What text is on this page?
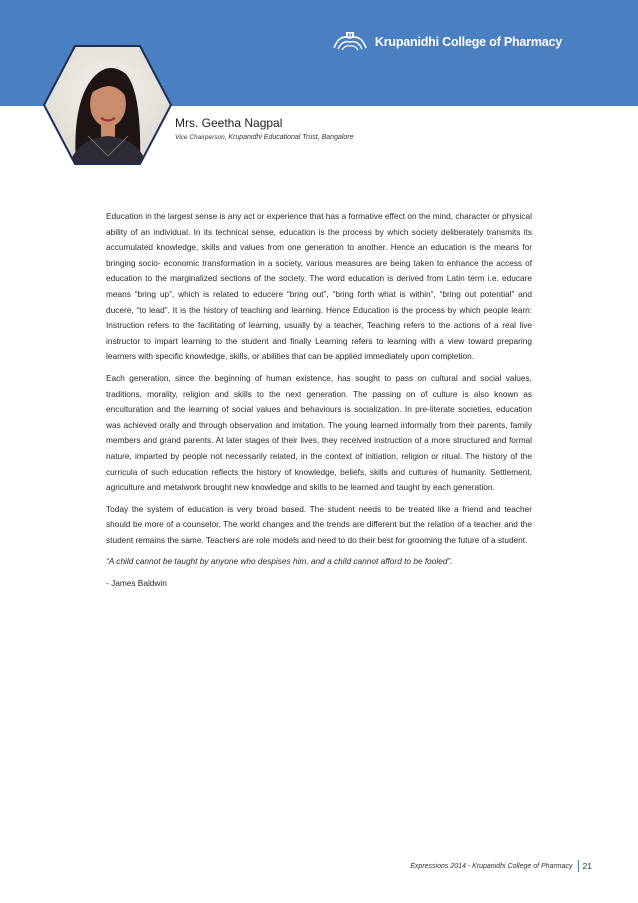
Krupanidhi College of Pharmacy
Mrs. Geetha Nagpal
Vice Chairperson, Krupanidhi Educational Trust, Bangalore

Education in the largest sense is any act or experience that has a formative effect on the mind, character or physical ability of an individual. In its technical sense, education is the process by which society deliberately transmits its accumulated knowledge, skills and values from one generation to another. Hence an education is the means for bringing socio- economic transformation in a society, various measures are being taken to enhance the access of education to the marginalized sections of the society. The word education is derived from Latin term i.e. educare means “bring up”, which is related to educere “bring out”, “bring forth what is within”, “bring out potential” and ducere, “to lead”. It is the history of teaching and learning. Hence Education is the process by which people learn: Instruction refers to the facilitating of learning, usually by a teacher, Teaching refers to the actions of a real live instructor to impart learning to the student and finally Learning refers to learning with a view toward preparing learners with specific knowledge, skills, or abilities that can be applied immediately upon completion.

Each generation, since the beginning of human existence, has sought to pass on cultural and social values, traditions, morality, religion and skills to the next generation. The passing on of culture is also known as enculturation and the learning of social values and behaviours is socialization. In pre-literate societies, education was achieved orally and through observation and imitation. The young learned informally from their parents, family members and grand parents. At later stages of their lives, they received instruction of a more structured and formal nature, imparted by people not necessarily related, in the context of initiation, religion or ritual. The history of the curricula of such education reflects the history of knowledge, beliefs, skills and cultures of humanity. Settlement, agriculture and metalwork brought new knowledge and skills to be learned and taught by each generation.

Today the system of education is very broad based. The student needs to be treated like a friend and teacher should be more of a counselor. The world changes and the trends are different but the relation of a teacher and the student remains the same. Teachers are role models and need to do their best for grooming the future of a student.

“A child cannot be taught by anyone who despises him, and a child cannot afford to be fooled”.

- James Baldwin

Expressions 2014 - Krupanidhi College of Pharmacy 21
